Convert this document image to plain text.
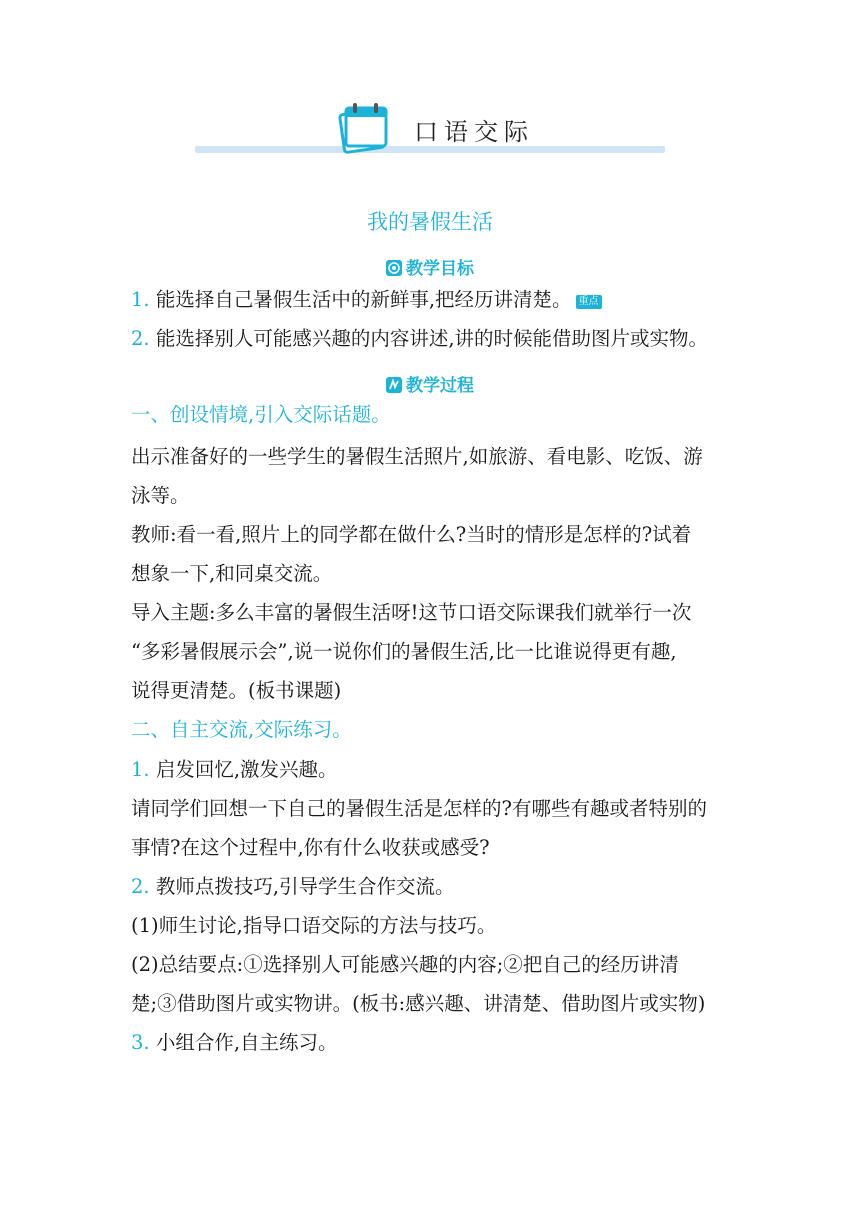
口语交际
我的暑假生活
教学目标
1. 能选择自己暑假生活中的新鲜事,把经历讲清楚。 重点
2. 能选择别人可能感兴趣的内容讲述,讲的时候能借助图片或实物。
教学过程
一、创设情境,引入交际话题。
出示准备好的一些学生的暑假生活照片,如旅游、看电影、吃饭、游
泳等。
教师:看一看,照片上的同学都在做什么?当时的情形是怎样的?试着
想象一下,和同桌交流。
导入主题:多么丰富的暑假生活呀!这节口语交际课我们就举行一次
“多彩暑假展示会”,说一说你们的暑假生活,比一比谁说得更有趣,
说得更清楚。(板书课题)
二、自主交流,交际练习。
1. 启发回忆,激发兴趣。
请同学们回想一下自己的暑假生活是怎样的?有哪些有趣或者特别的
事情?在这个过程中,你有什么收获或感受?
2. 教师点拨技巧,引导学生合作交流。
(1)师生讨论,指导口语交际的方法与技巧。
(2)总结要点:①选择别人可能感兴趣的内容;②把自己的经历讲清
楚;③借助图片或实物讲。(板书:感兴趣、讲清楚、借助图片或实物)
3. 小组合作,自主练习。
